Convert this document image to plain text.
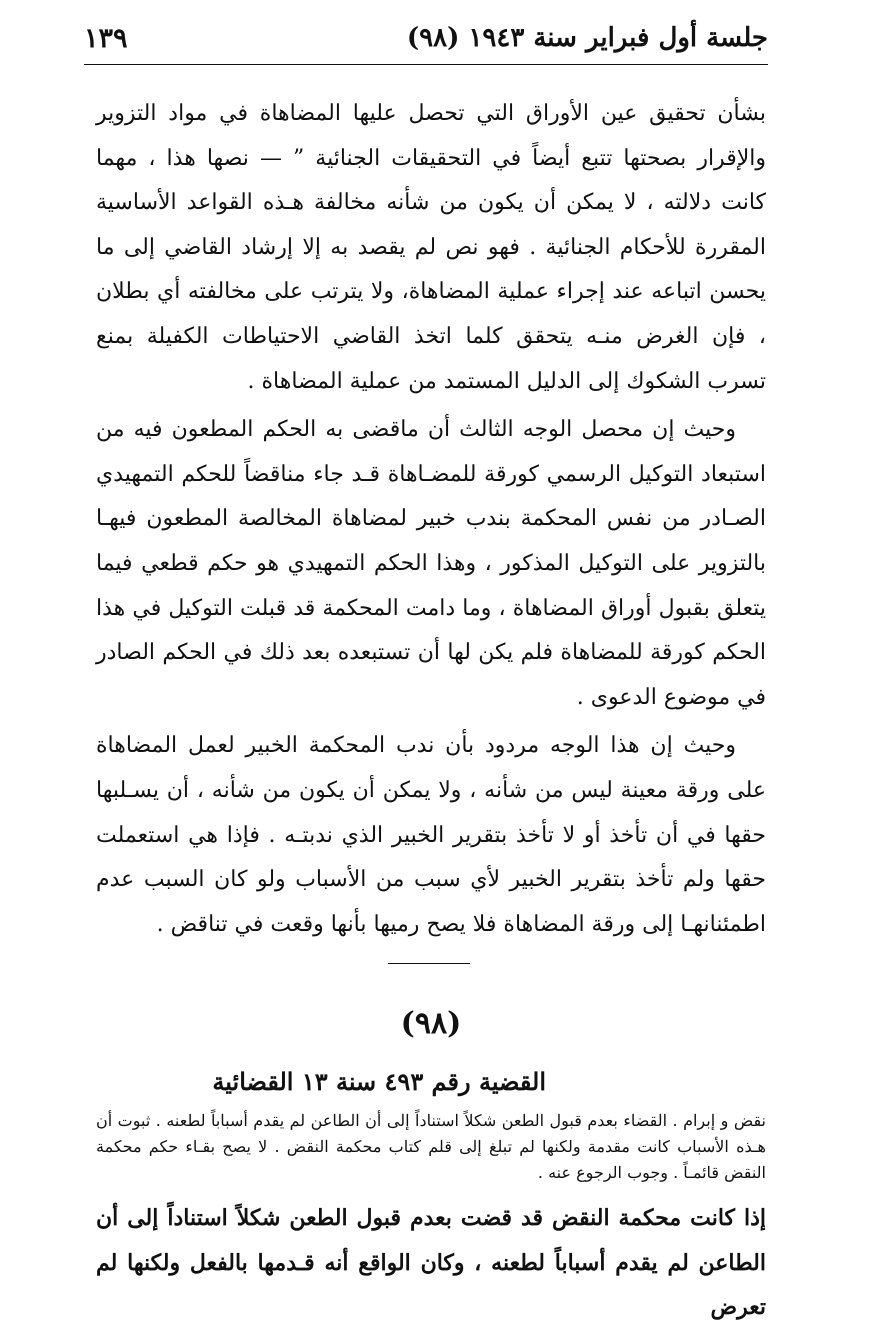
جلسة أول فبراير سنة ١٩٤٣ (٩٨)
١٣٩

بشأن تحقيق عين الأوراق التي تحصل عليها المضاهاة في مواد التزوير والإقرار بصحتها تتبع أيضاً في التحقيقات الجنائية ” — نصها هذا ، مهما كانت دلالته ، لا يمكن أن يكون من شأنه مخالفة هـذه القواعد الأساسية المقررة للأحكام الجنائية . فهو نص لم يقصد به إلا إرشاد القاضي إلى ما يحسن اتباعه عند إجراء عملية المضاهاة، ولا يترتب على مخالفته أي بطلان ، فإن الغرض منـه يتحقق كلما اتخذ القاضي الاحتياطات الكفيلة بمنع تسرب الشكوك إلى الدليل المستمد من عملية المضاهاة .

وحيث إن محصل الوجه الثالث أن ماقضى به الحكم المطعون فيه من استبعاد التوكيل الرسمي كورقة للمضـاهاة قـد جاء مناقضاً للحكم التمهيدي الصـادر من نفس المحكمة بندب خبير لمضاهاة المخالصة المطعون فيهـا بالتزوير على التوكيل المذكور ، وهذا الحكم التمهيدي هو حكم قطعي فيما يتعلق بقبول أوراق المضاهاة ، وما دامت المحكمة قد قبلت التوكيل في هذا الحكم كورقة للمضاهاة فلم يكن لها أن تستبعده بعد ذلك في الحكم الصادر في موضوع الدعوى .

وحيث إن هذا الوجه مردود بأن ندب المحكمة الخبير لعمل المضاهاة على ورقة معينة ليس من شأنه ، ولا يمكن أن يكون من شأنه ، أن يسـلبها حقها في أن تأخذ أو لا تأخذ بتقرير الخبير الذي ندبتـه . فإذا هي استعملت حقها ولم تأخذ بتقرير الخبير لأي سبب من الأسباب ولو كان السبب عدم اطمئنانهـا إلى ورقة المضاهاة فلا يصح رميها بأنها وقعت في تناقض .

(٩٨)
القضية رقم ٤٩٣ سنة ١٣ القضائية

نقض و إبرام . القضاء بعدم قبول الطعن شكلاً استناداً إلى أن الطاعن لم يقدم أسباباً لطعنه . ثبوت أن هـذه الأسباب كانت مقدمة ولكنها لم تبلغ إلى قلم كتاب محكمة النقض . لا يصح بقـاء حكم محكمة النقض قائمـاً . وجوب الرجوع عنه .

إذا كانت محكمة النقض قد قضت بعدم قبول الطعن شكلاً استناداً إلى أن الطاعن لم يقدم أسباباً لطعنه ، وكان الواقع أنه قـدمها بالفعل ولكنها لم تعرض
